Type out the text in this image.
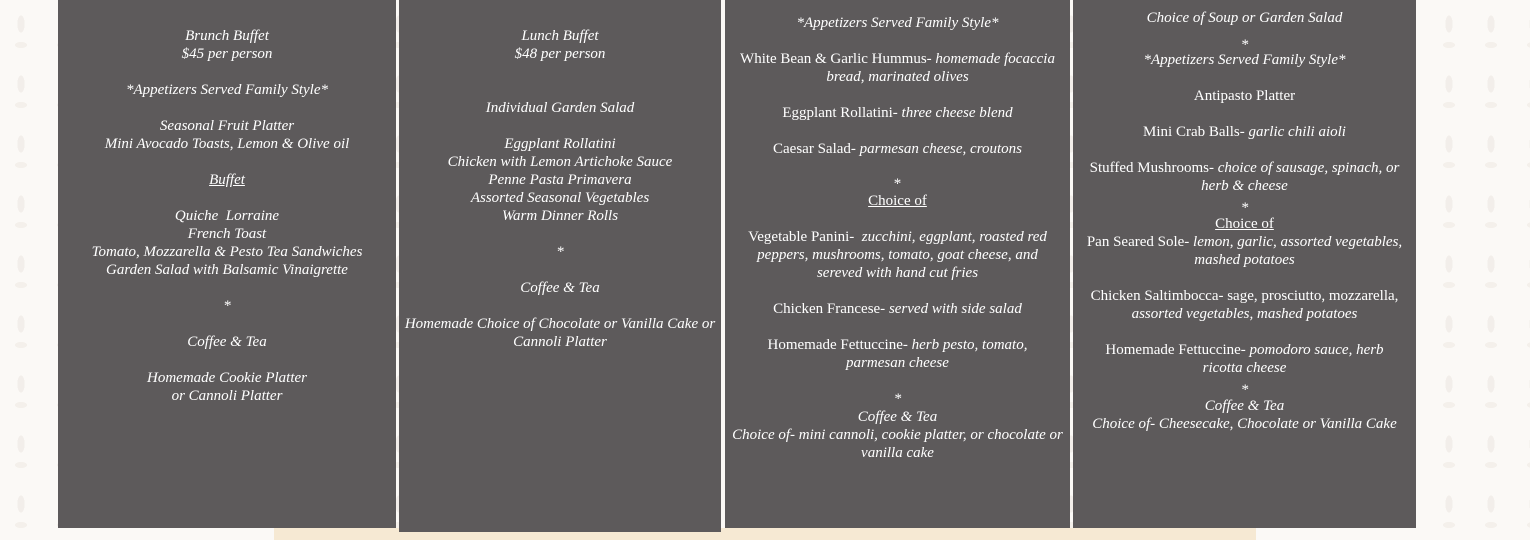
Brunch Buffet

$45 per person

*Appetizers Served Family Style*

Seasonal Fruit Platter

Mini Avocado Toasts, Lemon & Olive oil

Buffet

Quiche  Lorraine

French Toast

Tomato, Mozzarella & Pesto Tea Sandwiches

Garden Salad with Balsamic Vinaigrette

*

Coffee & Tea

Homemade Cookie Platter

or Cannoli Platter

Lunch Buffet

$48 per person

Individual Garden Salad

Eggplant Rollatini

Chicken with Lemon Artichoke Sauce

Penne Pasta Primavera

Assorted Seasonal Vegetables

Warm Dinner Rolls

*

Coffee & Tea

Homemade Choice of Chocolate or Vanilla Cake or Cannoli Platter

*Appetizers Served Family Style*

White Bean & Garlic Hummus- homemade focaccia bread, marinated olives

Eggplant Rollatini- three cheese blend

Caesar Salad- parmesan cheese, croutons

*

Choice of

Vegetable Panini-  zucchini, eggplant, roasted red peppers, mushrooms, tomato, goat cheese, and sereved with hand cut fries

Chicken Francese- served with side salad

Homemade Fettuccine- herb pesto, tomato, parmesan cheese

*

Coffee & Tea

Choice of- mini cannoli, cookie platter, or chocolate or vanilla cake

Choice of Soup or Garden Salad

*

*Appetizers Served Family Style*

Antipasto Platter

Mini Crab Balls- garlic chili aioli

Stuffed Mushrooms- choice of sausage, spinach, or herb & cheese

*

Choice of

Pan Seared Sole- lemon, garlic, assorted vegetables, mashed potatoes

Chicken Saltimbocca- sage, prosciutto, mozzarella, assorted vegetables, mashed potatoes

Homemade Fettuccine- pomodoro sauce, herb ricotta cheese

*

Coffee & Tea

Choice of- Cheesecake, Chocolate or Vanilla Cake
